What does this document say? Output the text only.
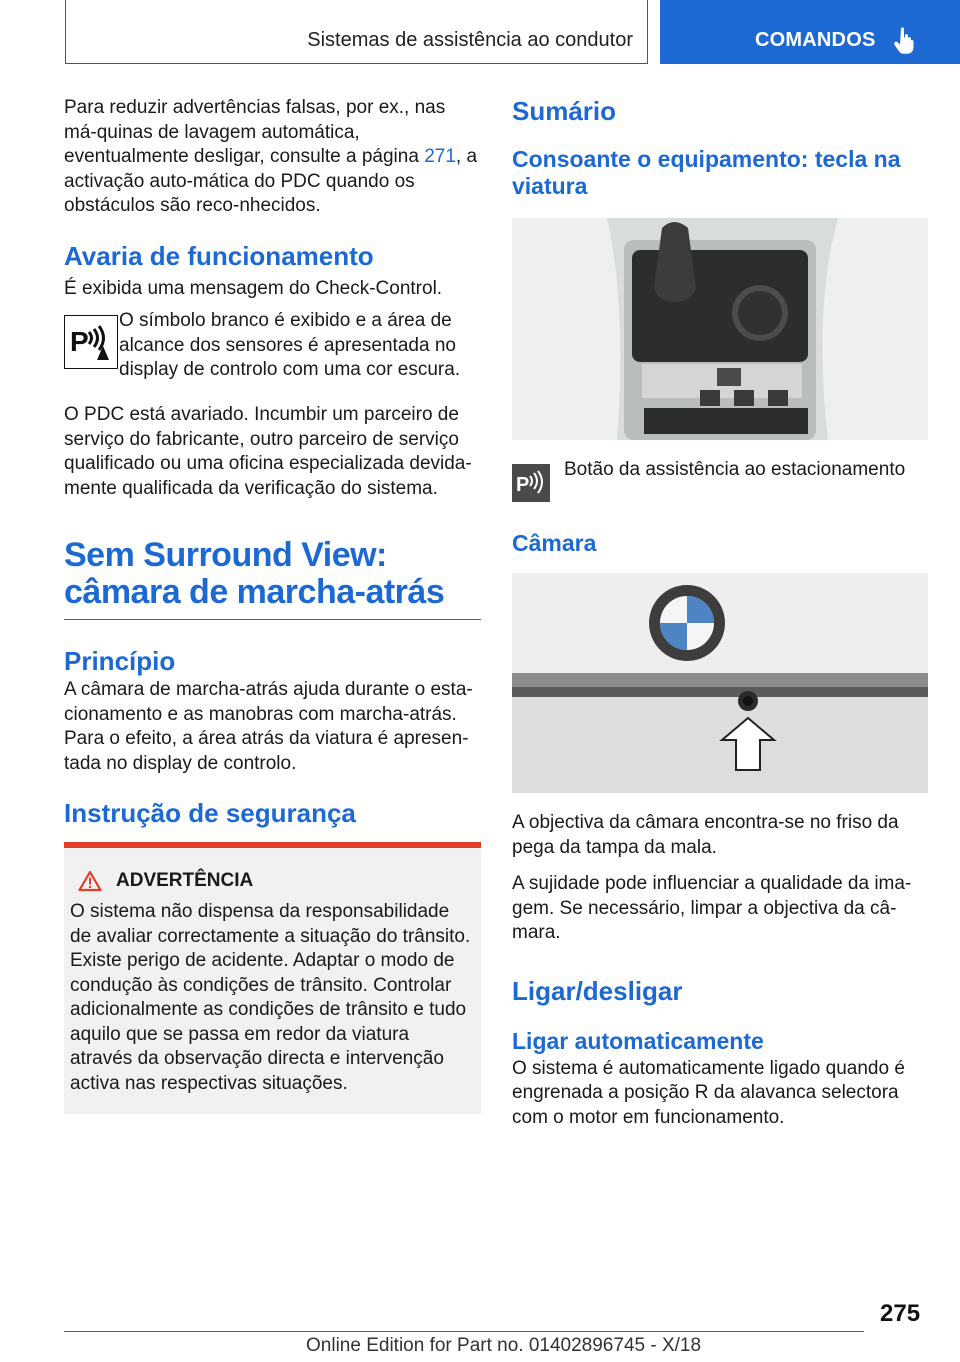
Sistemas de assistência ao condutor	COMANDOS

Para reduzir advertências falsas, por ex., nas má-quinas de lavagem automática, eventualmente desligar, consulte a página 271, a activação auto-mática do PDC quando os obstáculos são reco-nhecidos.

Avaria de funcionamento

É exibida uma mensagem do Check-Control.

P

O símbolo branco é exibido e a área de alcance dos sensores é apresentada no display de controlo com uma cor escura.

O PDC está avariado. Incumbir um parceiro de serviço do fabricante, outro parceiro de serviço qualificado ou uma oficina especializada devida-mente qualificada da verificação do sistema.

Sem Surround View:
câmara de marcha-atrás
Princípio

A câmara de marcha-atrás ajuda durante o esta-cionamento e as manobras com marcha-atrás. Para o efeito, a área atrás da viatura é apresen-tada no display de controlo.

Instrução de segurança
ADVERTÊNCIA

O sistema não dispensa da responsabilidade de avaliar correctamente a situação do trânsito. Existe perigo de acidente. Adaptar o modo de condução às condições de trânsito. Controlar adicionalmente as condições de trânsito e tudo aquilo que se passa em redor da viatura através da observação directa e intervenção activa nas respectivas situações.

Sumário
Consoante o equipamento: tecla na viatura
P
Botão da assistência ao estacionamento
Câmara

A objectiva da câmara encontra-se no friso da pega da tampa da mala.

A sujidade pode influenciar a qualidade da ima-gem. Se necessário, limpar a objectiva da câ-mara.

Ligar/desligar
Ligar automaticamente

O sistema é automaticamente ligado quando é engrenada a posição R da alavanca selectora com o motor em funcionamento.

275
Online Edition for Part no. 01402896745 - X/18
